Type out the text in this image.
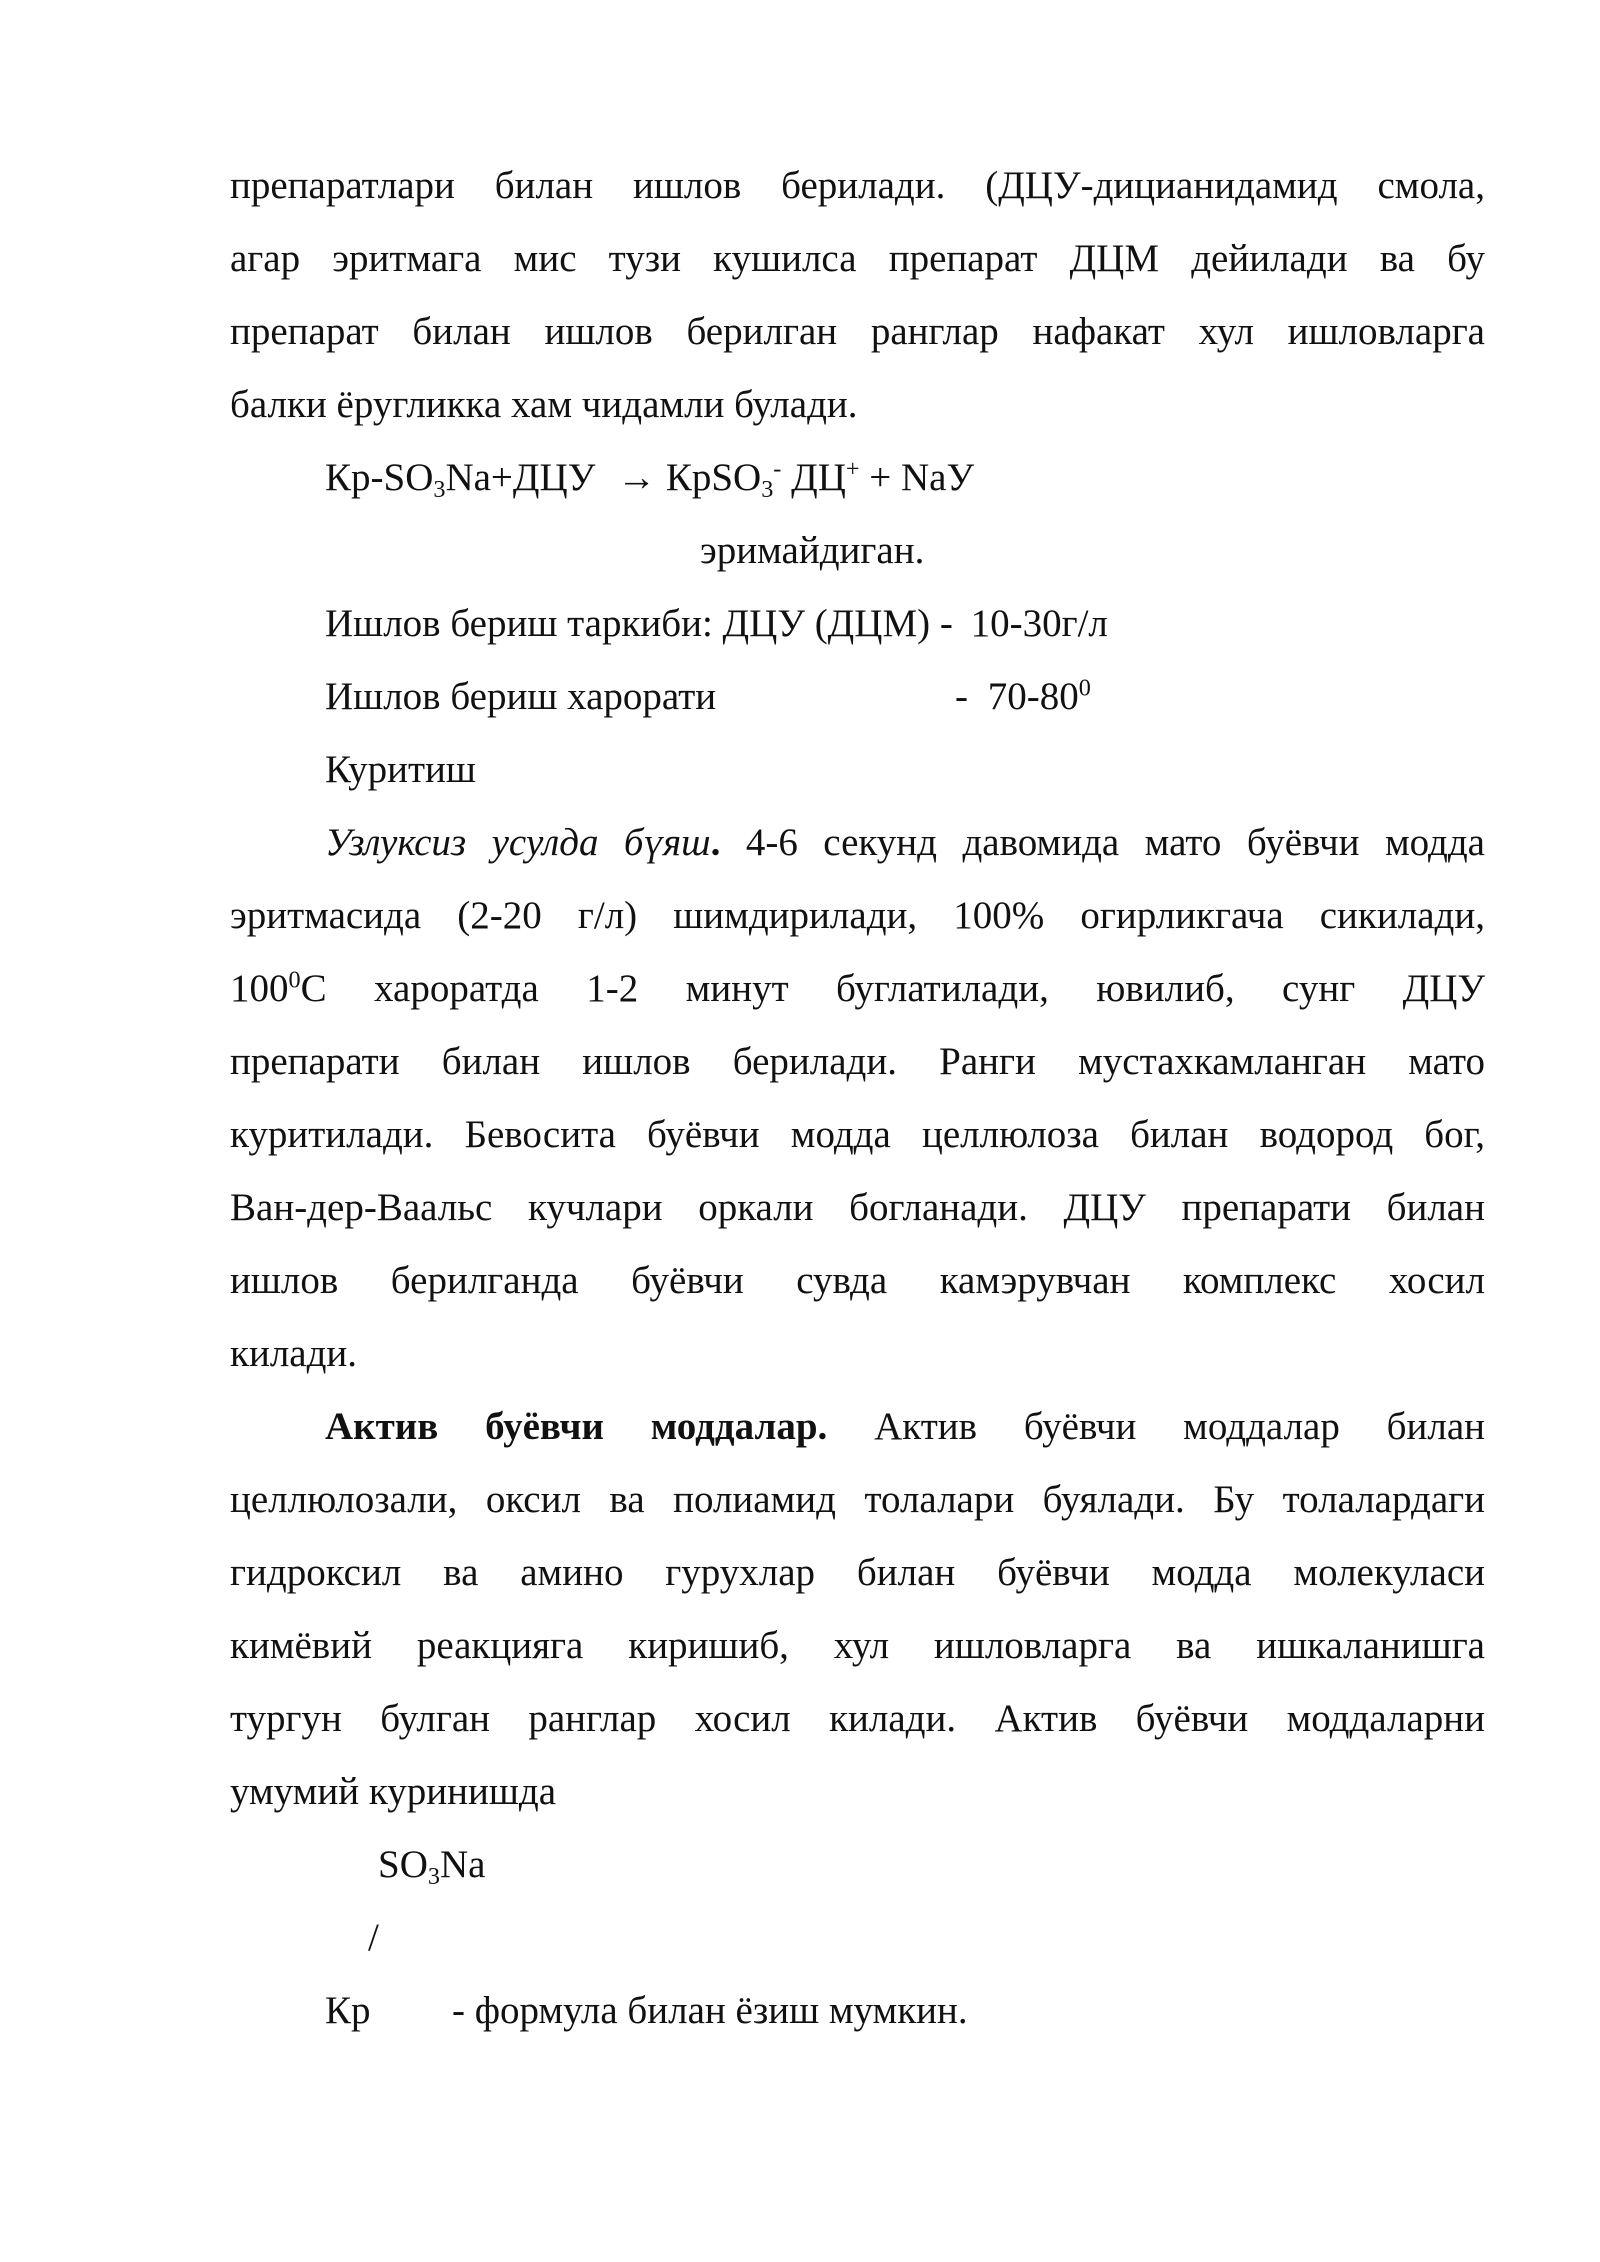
препаратлари билан ишлов берилади. (ДЦУ-дицианидамид смола,
агар эритмага мис тузи кушилса препарат ДЦМ дейилади ва бу
препарат билан ишлов берилган ранглар нафакат хул ишловларга
балки ёругликка хам чидамли булади.
$Кр-SO_3Na+ДЦУ$ → КрSO$_3$- ДЦ+ + NaУ
эримайдиган.
Ишлов бериш таркиби: ДЦУ (ДЦМ) - 10-30г/л
Ишлов бериш харорати	- $70-80^0$
Куритиш
Узлуксиз усулда бүяш. 4-6 секунд давомида мато буёвчи модда
эритмасида (2-20 г/л) шимдирилади, 100% огирликгача сикилади,
$100^0С$ хароратда 1-2 минут буглатилади, ювилиб, сунг ДЦУ
препарати билан ишлов берилади. Ранги мустахкамланган мато
куритилади. Бевосита буёвчи модда целлюлоза билан водород бог,
Ван-дер-Ваальс кучлари оркали богланади. ДЦУ препарати билан
ишлов берилганда буёвчи сувда камэрувчан комплекс хосил
килади.
Актив буёвчи моддалар. Актив буёвчи моддалар билан
целлюлозали, оксил ва полиамид толалари буялади. Бу толалардаги
гидроксил ва амино гурухлар билан буёвчи модда молекуласи
кимёвий реакцияга киришиб, хул ишловларга ва ишкаланишга
тургун булган ранглар хосил килади. Актив буёвчи моддаларни
умумий куринишда
$SO_3Na$
/
Кр - формула билан ёзиш мумкин.
